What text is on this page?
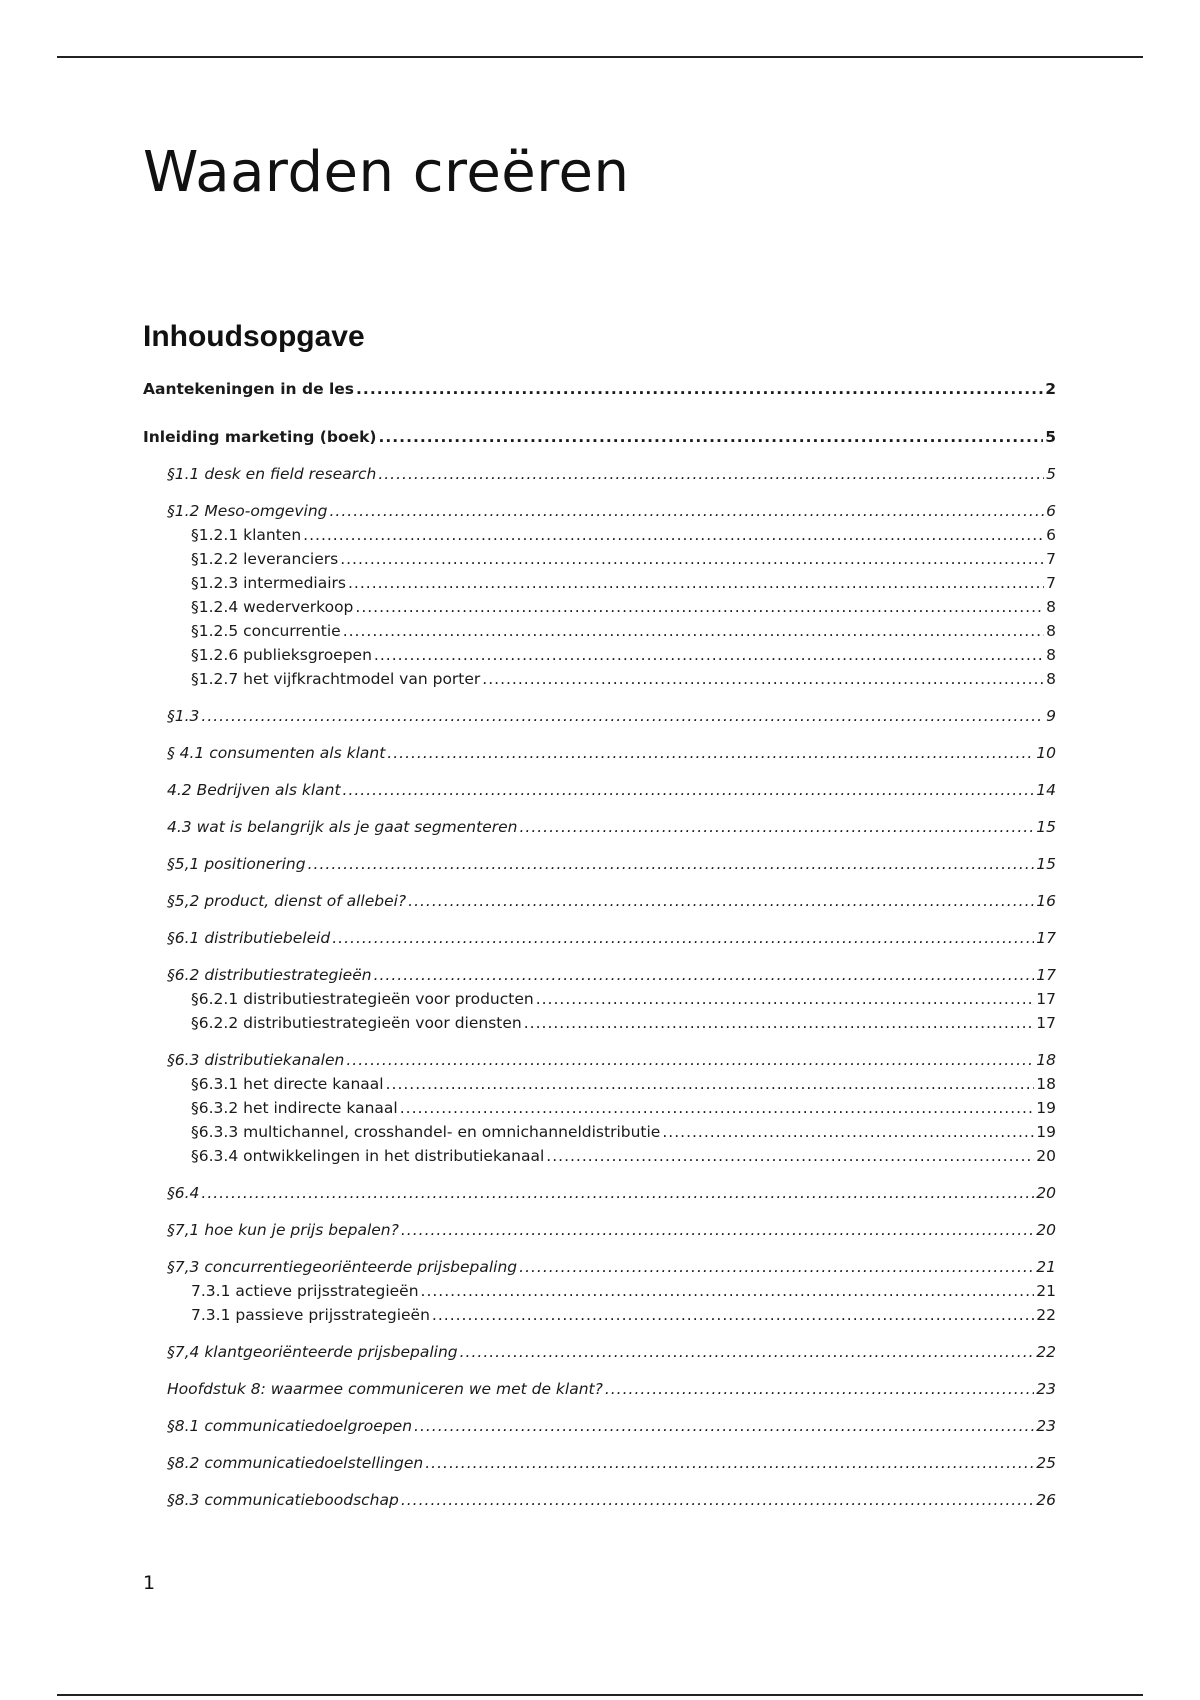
Waarden creëren
Inhoudsopgave
Aantekeningen in de les .....	2
Inleiding marketing (boek) .....	5
§1.1 desk en field research .....	5
§1.2 Meso-omgeving .....	6
§1.2.1 klanten .....	6
§1.2.2 leveranciers .....	7
§1.2.3 intermediairs .....	7
§1.2.4 wederverkoop .....	8
§1.2.5 concurrentie .....	8
§1.2.6 publieksgroepen .....	8
§1.2.7 het vijfkrachtmodel van porter .....	8
§1.3 .....	9
§ 4.1 consumenten als klant .....	10
4.2 Bedrijven als klant .....	14
4.3 wat is belangrijk als je gaat segmenteren .....	15
§5,1 positionering .....	15
§5,2 product, dienst of allebei? .....	16
§6.1 distributiebeleid .....	17
§6.2 distributiestrategieën .....	17
§6.2.1 distributiestrategieën voor producten .....	17
§6.2.2 distributiestrategieën voor diensten .....	17
§6.3 distributiekanalen .....	18
§6.3.1 het directe kanaal .....	18
§6.3.2 het indirecte kanaal .....	19
§6.3.3 multichannel, crosshandel- en omnichanneldistributie .....	19
§6.3.4 ontwikkelingen in het distributiekanaal .....	20
§6.4 .....	20
§7,1 hoe kun je prijs bepalen? .....	20
§7,3 concurrentiegeoriënteerde prijsbepaling .....	21
7.3.1 actieve prijsstrategieën .....	21
7.3.1 passieve prijsstrategieën .....	22
§7,4 klantgeoriënteerde prijsbepaling .....	22
Hoofdstuk 8: waarmee communiceren we met de klant? .....	23
§8.1 communicatiedoelgroepen .....	23
§8.2 communicatiedoelstellingen .....	25
§8.3 communicatieboodschap .....	26

1
